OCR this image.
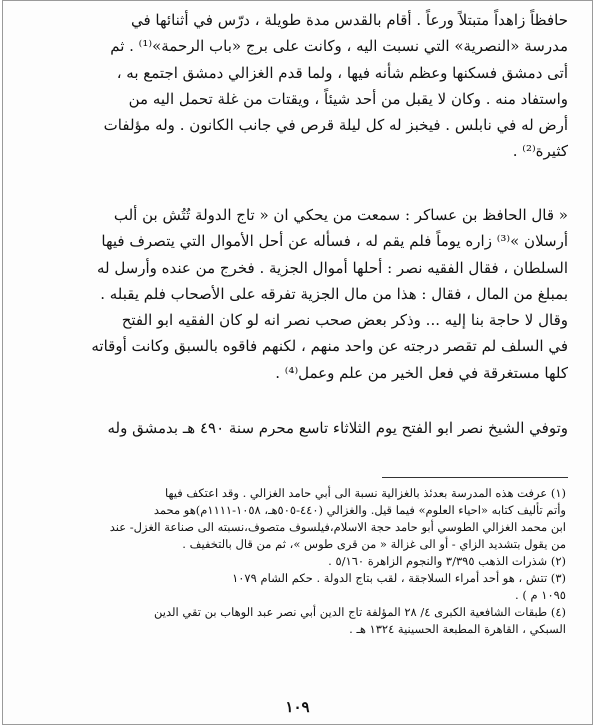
حافظاً زاهداً متبتلاً ورعاً . أقام بالقدس مدة طويلة ، درّس في أثنائها في
مدرسة «النصرية» التي نسبت اليه ، وكانت على برج «باب الرحمة»⁽¹⁾ . ثم
أتى دمشق فسكنها وعظم شأنه فيها ، ولما قدم الغزالي دمشق اجتمع به ،
واستفاد منه . وكان لا يقبل من أحد شيئاً ، ويقتات من غلة تحمل اليه من
أرض له في نابلس . فيخبز له كل ليلة قرص في جانب الكانون . وله مؤلفات
كثيرة⁽²⁾ .
« قال الحافظ بن عساكر : سمعت من يحكي ان « تاج الدولة تُتُش بن ألب
أرسلان »⁽³⁾ زاره يوماً فلم يقم له ، فسأله عن أحل الأموال التي يتصرف فيها
السلطان ، فقال الفقيه نصر : أحلها أموال الجزية . فخرج من عنده وأرسل له
بمبلغ من المال ، فقال : هذا من مال الجزية تفرقه على الأصحاب فلم يقبله .
وقال لا حاجة بنا إليه ... وذكر بعض صحب نصر انه لو كان الفقيه ابو الفتح
في السلف لم تقصر درجته عن واحد منهم ، لكنهم فاقوه بالسبق وكانت أوقاته
كلها مستغرقة في فعل الخير من علم وعمل⁽⁴⁾ .
وتوفي الشيخ نصر ابو الفتح يوم الثلاثاء تاسع محرم سنة ٤٩٠ هـ بدمشق وله
(١) عرفت هذه المدرسة بعدئذ بالغزالية نسبة الى أبي حامد الغزالي . وقد اعتكف فيها
وأتم تأليف كتابه «احياء العلوم» فيما قيل. والغزالي (٤٤٠-٥٠٥هـ، ١٠٥٨-١١١١م)هو محمد
ابن محمد الغزالي الطوسي أبو حامد حجة الاسلام،فيلسوف متصوف،نسبته الى صناعة الغزل- عند
من يقول بتشديد الزاي - أو الى غزالة « من قرى طوس »، ثم من قال بالتخفيف .
(٢) شذرات الذهب ٣/٣٩٥ والنجوم الزاهرة ٥/١٦٠ .
(٣) تتش ، هو أحد أمراء السلاجقة ، لقب بتاج الدولة . حكم الشام ١٠٧٩
١٠٩٥ م ) .
(٤) طبقات الشافعية الكبرى ٤/ ٢٨ المؤلفة تاج الدين أبي نصر عبد الوهاب بن تقي الدين
السبكي ، القاهرة المطبعة الحسينية ١٣٢٤ هـ .
١٠٩
